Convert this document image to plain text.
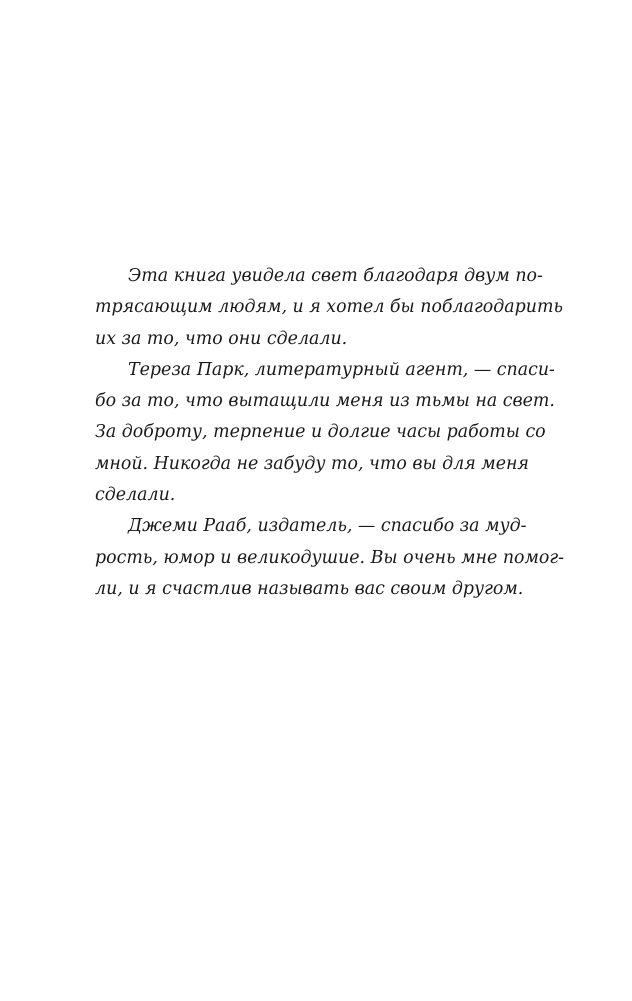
Эта книга увидела свет благодаря двум по-
трясающим людям, и я хотел бы поблагодарить
их за то, что они сделали.
Тереза Парк, литературный агент, — спаси-
бо за то, что вытащили меня из тьмы на свет.
За доброту, терпение и долгие часы работы со
мной. Никогда не забуду то, что вы для меня
сделали.
Джеми Рааб, издатель, — спасибо за муд-
рость, юмор и великодушие. Вы очень мне помог-
ли, и я счастлив называть вас своим другом.
